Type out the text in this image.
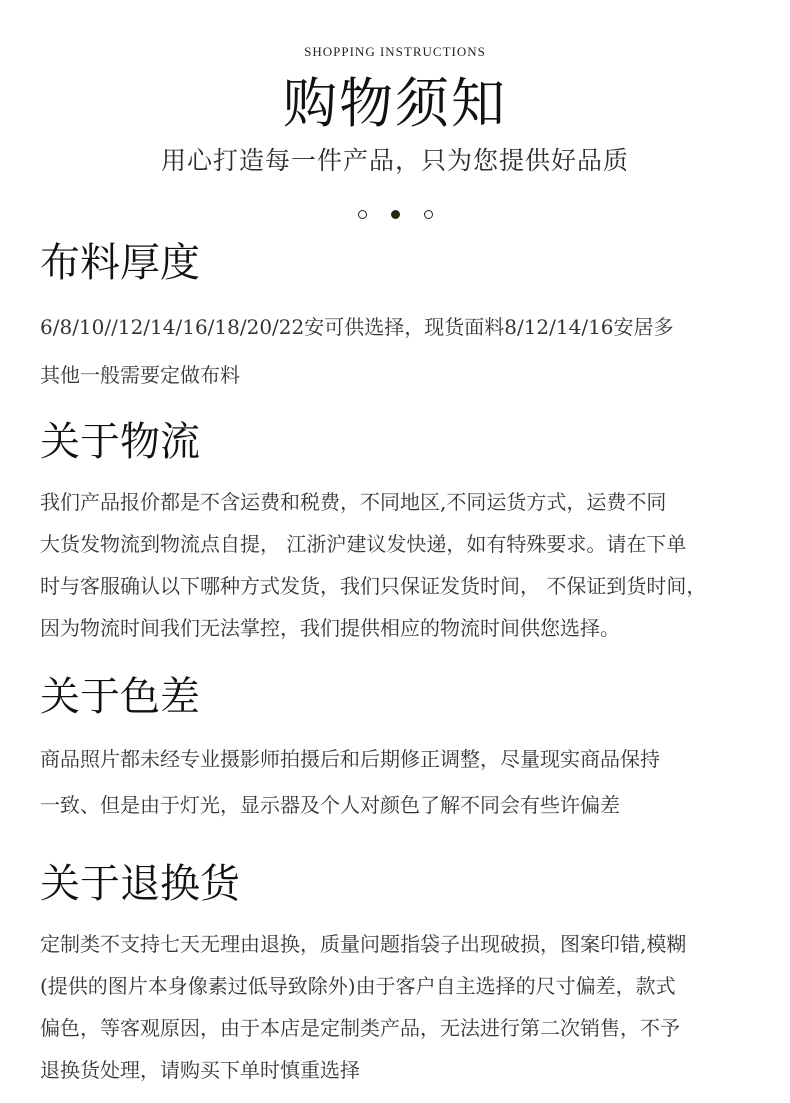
SHOPPING INSTRUCTIONS
购物须知
用心打造每一件产品，只为您提供好品质
布料厚度
6/8/10//12/14/16/18/20/22安可供选择，现货面料8/12/14/16安居多
其他一般需要定做布料
关于物流
我们产品报价都是不含运费和税费，不同地区,不同运货方式，运费不同
大货发物流到物流点自提， 江浙沪建议发快递，如有特殊要求。请在下单
时与客服确认以下哪种方式发货，我们只保证发货时间， 不保证到货时间，
因为物流时间我们无法掌控，我们提供相应的物流时间供您选择。
关于色差
商品照片都未经专业摄影师拍摄后和后期修正调整，尽量现实商品保持
一致、但是由于灯光，显示器及个人对颜色了解不同会有些许偏差
关于退换货
定制类不支持七天无理由退换，质量问题指袋子出现破损，图案印错,模糊
(提供的图片本身像素过低导致除外)由于客户自主选择的尺寸偏差，款式
偏色，等客观原因，由于本店是定制类产品，无法进行第二次销售，不予
退换货处理，请购买下单时慎重选择
